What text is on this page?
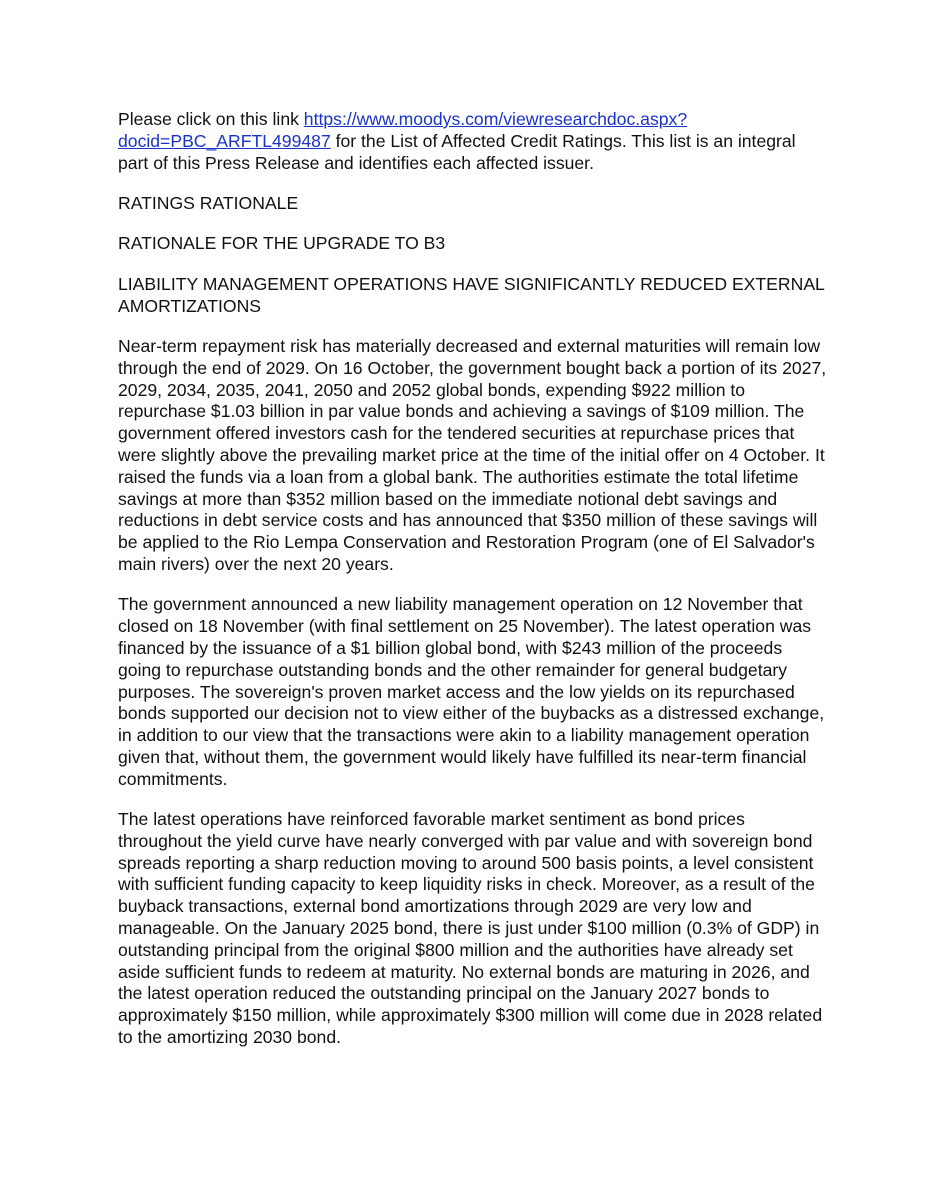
Please click on this link https://www.moodys.com/viewresearchdoc.aspx?docid=PBC_ARFTL499487 for the List of Affected Credit Ratings. This list is an integral part of this Press Release and identifies each affected issuer.

RATINGS RATIONALE

RATIONALE FOR THE UPGRADE TO B3

LIABILITY MANAGEMENT OPERATIONS HAVE SIGNIFICANTLY REDUCED EXTERNAL AMORTIZATIONS

Near-term repayment risk has materially decreased and external maturities will remain low through the end of 2029. On 16 October, the government bought back a portion of its 2027, 2029, 2034, 2035, 2041, 2050 and 2052 global bonds, expending $922 million to repurchase $1.03 billion in par value bonds and achieving a savings of $109 million. The government offered investors cash for the tendered securities at repurchase prices that were slightly above the prevailing market price at the time of the initial offer on 4 October. It raised the funds via a loan from a global bank. The authorities estimate the total lifetime savings at more than $352 million based on the immediate notional debt savings and reductions in debt service costs and has announced that $350 million of these savings will be applied to the Rio Lempa Conservation and Restoration Program (one of El Salvador's main rivers) over the next 20 years.

The government announced a new liability management operation on 12 November that closed on 18 November (with final settlement on 25 November). The latest operation was financed by the issuance of a $1 billion global bond, with $243 million of the proceeds going to repurchase outstanding bonds and the other remainder for general budgetary purposes. The sovereign's proven market access and the low yields on its repurchased bonds supported our decision not to view either of the buybacks as a distressed exchange, in addition to our view that the transactions were akin to a liability management operation given that, without them, the government would likely have fulfilled its near-term financial commitments.

The latest operations have reinforced favorable market sentiment as bond prices throughout the yield curve have nearly converged with par value and with sovereign bond spreads reporting a sharp reduction moving to around 500 basis points, a level consistent with sufficient funding capacity to keep liquidity risks in check. Moreover, as a result of the buyback transactions, external bond amortizations through 2029 are very low and manageable. On the January 2025 bond, there is just under $100 million (0.3% of GDP) in outstanding principal from the original $800 million and the authorities have already set aside sufficient funds to redeem at maturity. No external bonds are maturing in 2026, and the latest operation reduced the outstanding principal on the January 2027 bonds to approximately $150 million, while approximately $300 million will come due in 2028 related to the amortizing 2030 bond.
